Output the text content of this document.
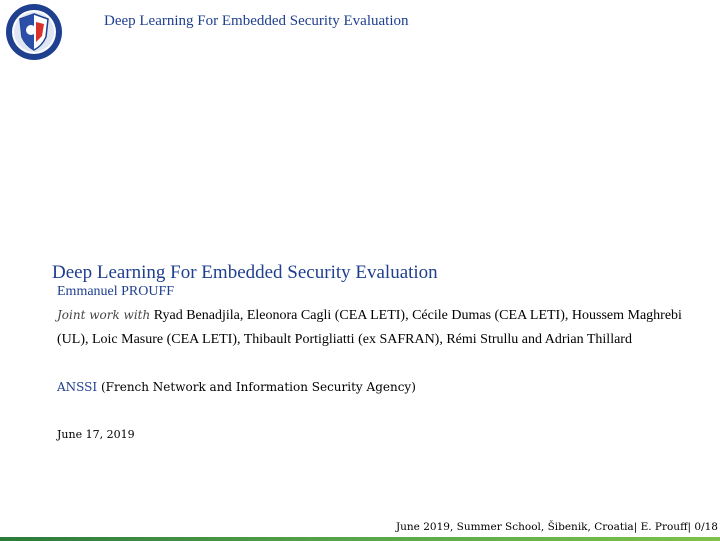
Deep Learning For Embedded Security Evaluation
Deep Learning For Embedded Security Evaluation
Emmanuel PROUFF
Joint work with Ryad Benadjila, Eleonora Cagli (CEA LETI), Cécile Dumas (CEA LETI), Houssem Maghrebi (UL), Loic Masure (CEA LETI), Thibault Portigliatti (ex SAFRAN), Rémi Strullu and Adrian Thillard
ANSSI (French Network and Information Security Agency)
June 17, 2019
June 2019, Summer School, Šibenik, Croatia| E. Prouff| 0/18
